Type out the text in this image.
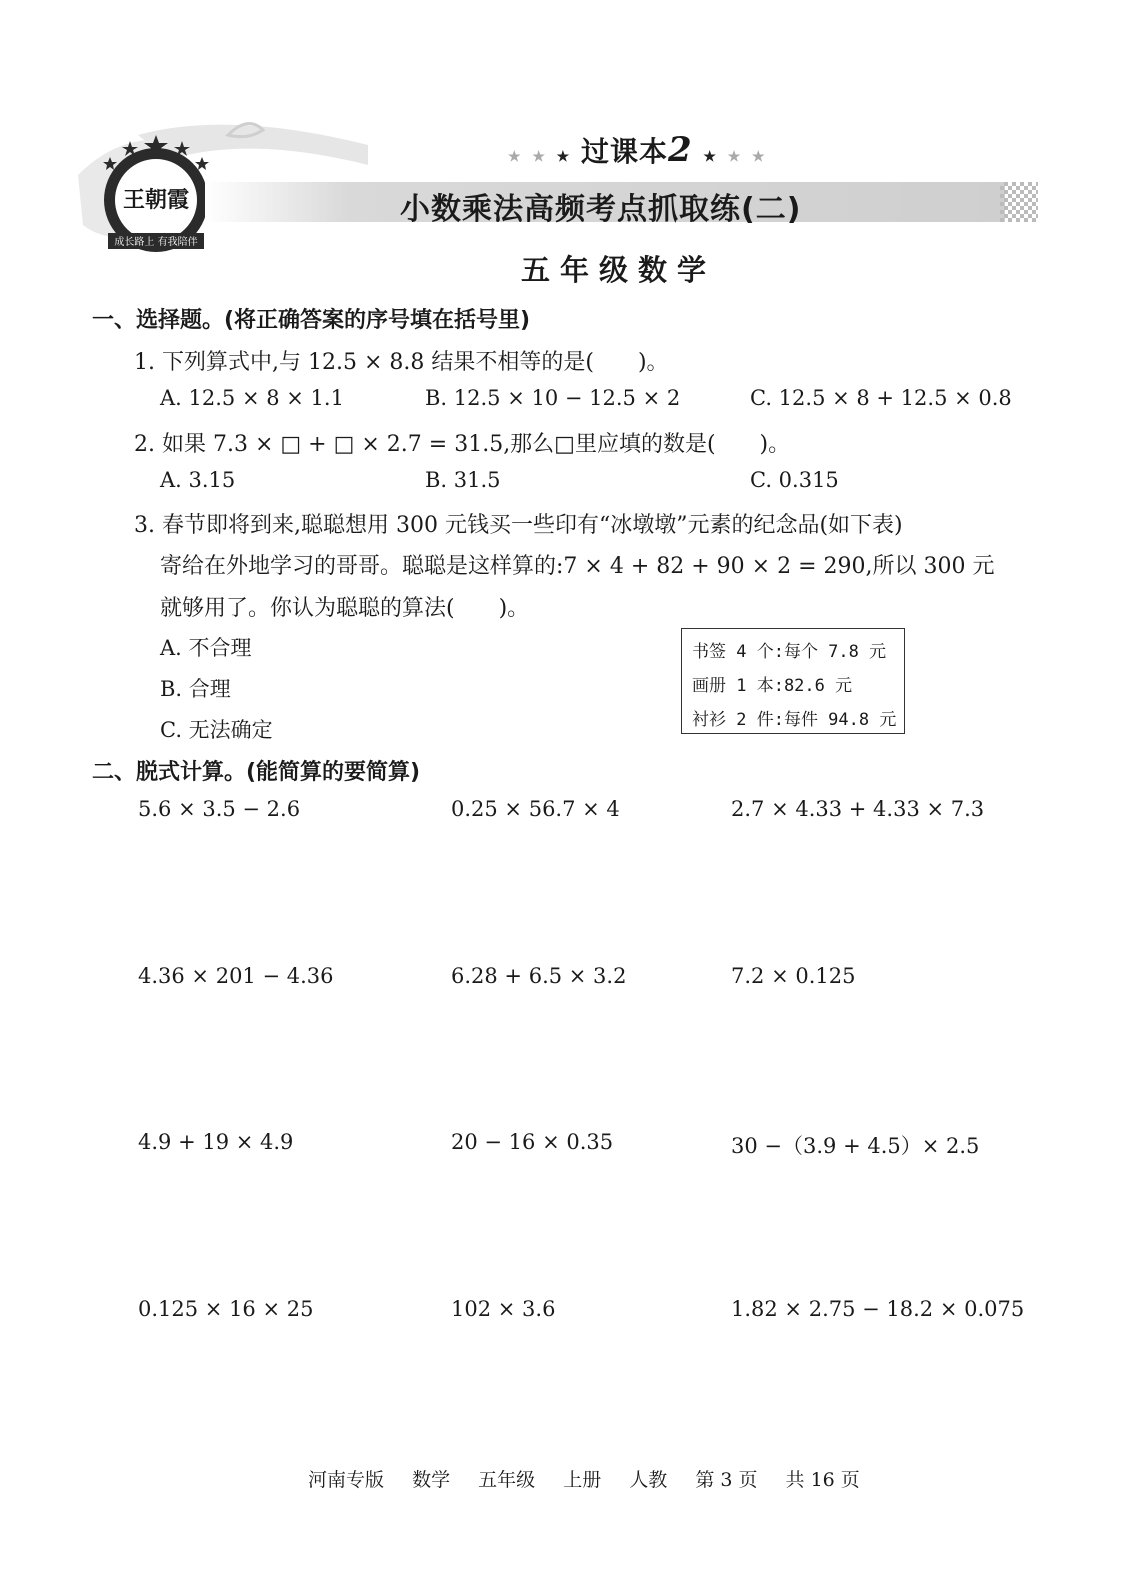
王朝霞
成长路上 有我陪伴
★ ★ ★ 过课本2 ★ ★ ★
小数乘法高频考点抓取练(二)
五年级数学
一、选择题。(将正确答案的序号填在括号里)
1. 下列算式中,与 12.5 × 8.8 结果不相等的是(　　)。
A. 12.5 × 8 × 1.1	B. 12.5 × 10 − 12.5 × 2	C. 12.5 × 8 + 12.5 × 0.8
2. 如果 7.3 × □ + □ × 2.7 = 31.5,那么□里应填的数是(　　)。
A. 3.15	B. 31.5	C. 0.315
3. 春节即将到来,聪聪想用 300 元钱买一些印有“冰墩墩”元素的纪念品(如下表)
寄给在外地学习的哥哥。聪聪是这样算的:7 × 4 + 82 + 90 × 2 = 290,所以 300 元
就够用了。你认为聪聪的算法(　　)。
A. 不合理
B. 合理
C. 无法确定
书签 4 个:每个 7.8 元
画册 1 本:82.6 元
衬衫 2 件:每件 94.8 元
二、脱式计算。(能简算的要简算)
5.6 × 3.5 − 2.6	0.25 × 56.7 × 4	2.7 × 4.33 + 4.33 × 7.3
4.36 × 201 − 4.36	6.28 + 6.5 × 3.2	7.2 × 0.125
4.9 + 19 × 4.9	20 − 16 × 0.35	30 −（3.9 + 4.5）× 2.5
0.125 × 16 × 25	102 × 3.6	1.82 × 2.75 − 18.2 × 0.075
河南专版 数学 五年级 上册 人教 第 3 页 共 16 页
